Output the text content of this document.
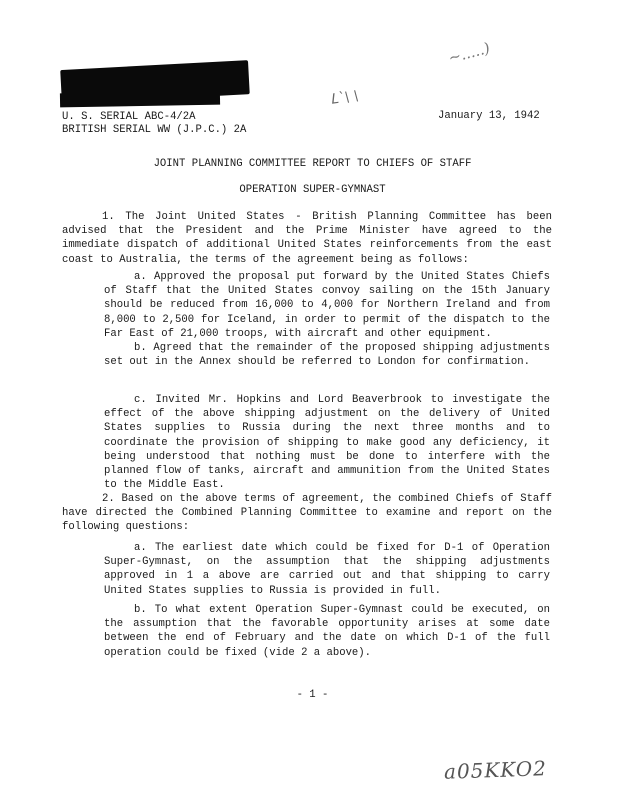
~.....)
ᒪ`\ \
U. S. SERIAL ABC-4/2A
BRITISH SERIAL WW (J.P.C.) 2A
January 13, 1942
JOINT PLANNING COMMITTEE REPORT TO CHIEFS OF STAFF
OPERATION SUPER-GYMNAST

1. The Joint United States - British Planning Committee has been advised that the President and the Prime Minister have agreed to the immediate dispatch of additional United States reinforcements from the east coast to Australia, the terms of the agreement being as follows:

a. Approved the proposal put forward by the United States Chiefs of Staff that the United States convoy sailing on the 15th January should be reduced from 16,000 to 4,000 for Northern Ireland and from 8,000 to 2,500 for Iceland, in order to permit of the dispatch to the Far East of 21,000 troops, with aircraft and other equipment.

b. Agreed that the remainder of the proposed shipping adjustments set out in the Annex should be referred to London for confirmation.

c. Invited Mr. Hopkins and Lord Beaverbrook to investigate the effect of the above shipping adjustment on the delivery of United States supplies to Russia during the next three months and to coordinate the provision of shipping to make good any deficiency, it being understood that nothing must be done to interfere with the planned flow of tanks, aircraft and ammunition from the United States to the Middle East.

2. Based on the above terms of agreement, the combined Chiefs of Staff have directed the Combined Planning Committee to examine and report on the following questions:

a. The earliest date which could be fixed for D-1 of Operation Super-Gymnast, on the assumption that the shipping adjustments approved in 1 a above are carried out and that shipping to carry United States supplies to Russia is provided in full.

b. To what extent Operation Super-Gymnast could be executed, on the assumption that the favorable opportunity arises at some date between the end of February and the date on which D-1 of the full operation could be fixed (vide 2 a above).

- 1 -
a05KKO2
